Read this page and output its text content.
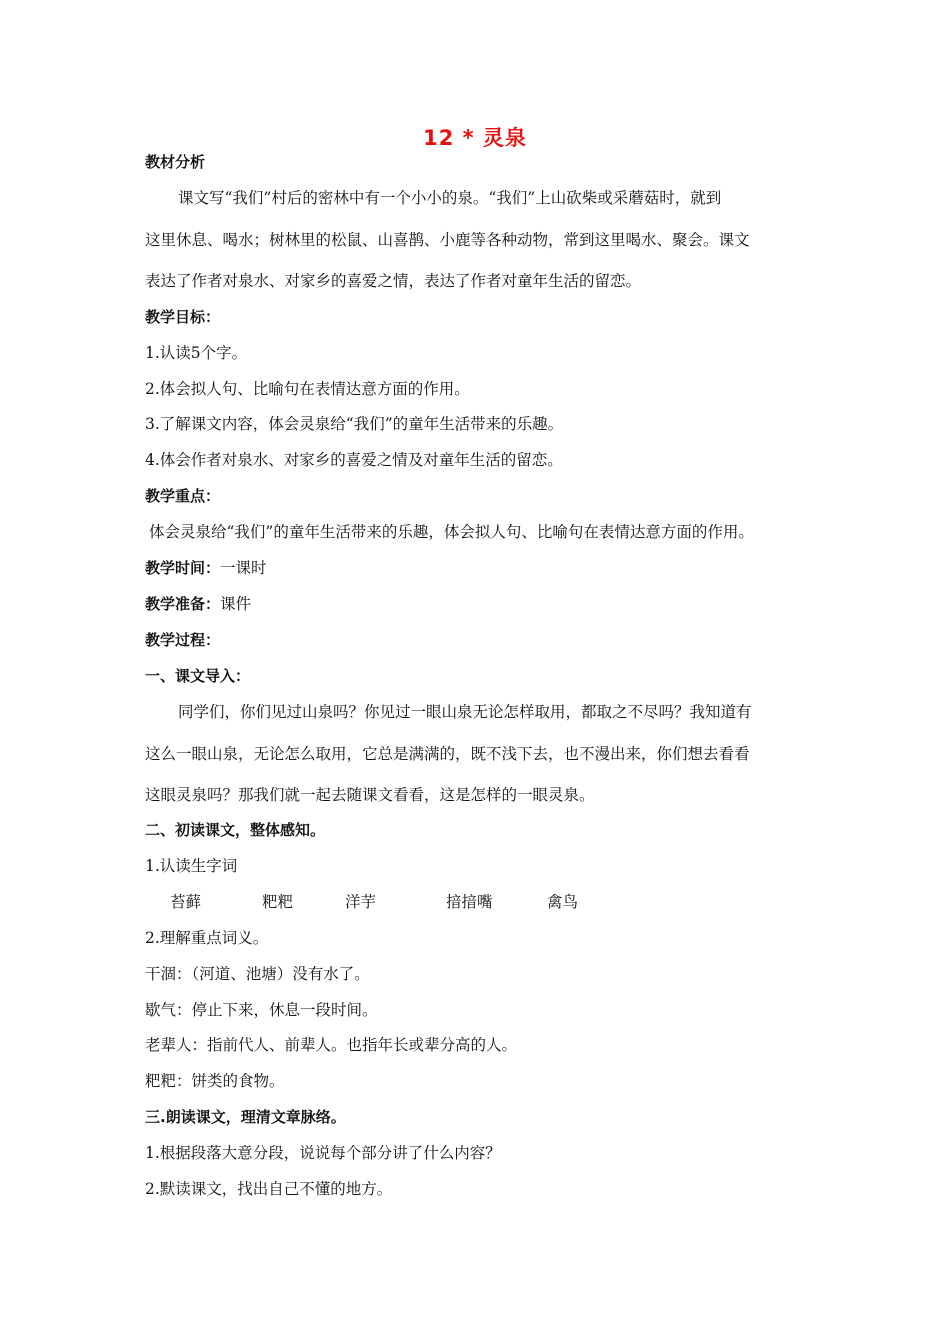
12 * 灵泉
教材分析
课文写“我们”村后的密林中有一个小小的泉。“我们”上山砍柴或采蘑菇时，就到
这里休息、喝水；树林里的松鼠、山喜鹊、小鹿等各种动物，常到这里喝水、聚会。课文
表达了作者对泉水、对家乡的喜爱之情，表达了作者对童年生活的留恋。
教学目标：
1.认读5个字。
2.体会拟人句、比喻句在表情达意方面的作用。
3.了解课文内容，体会灵泉给“我们”的童年生活带来的乐趣。
4.体会作者对泉水、对家乡的喜爱之情及对童年生活的留恋。
教学重点：
体会灵泉给“我们”的童年生活带来的乐趣，体会拟人句、比喻句在表情达意方面的作用。
教学时间：一课时
教学准备：课件
教学过程：
一、课文导入：
同学们，你们见过山泉吗？你见过一眼山泉无论怎样取用，都取之不尽吗？我知道有
这么一眼山泉，无论怎么取用，它总是满满的，既不浅下去，也不漫出来，你们想去看看
这眼灵泉吗？那我们就一起去随课文看看，这是怎样的一眼灵泉。
二、初读课文，整体感知。
1.认读生字词
苔藓	粑粑	洋芋	揞揞嘴	禽鸟
2.理解重点词义。
干涸：（河道、池塘）没有水了。
歇气：停止下来，休息一段时间。
老辈人：指前代人、前辈人。也指年长或辈分高的人。
粑粑：饼类的食物。
三.朗读课文，理清文章脉络。
1.根据段落大意分段，说说每个部分讲了什么内容？
2.默读课文，找出自己不懂的地方。
